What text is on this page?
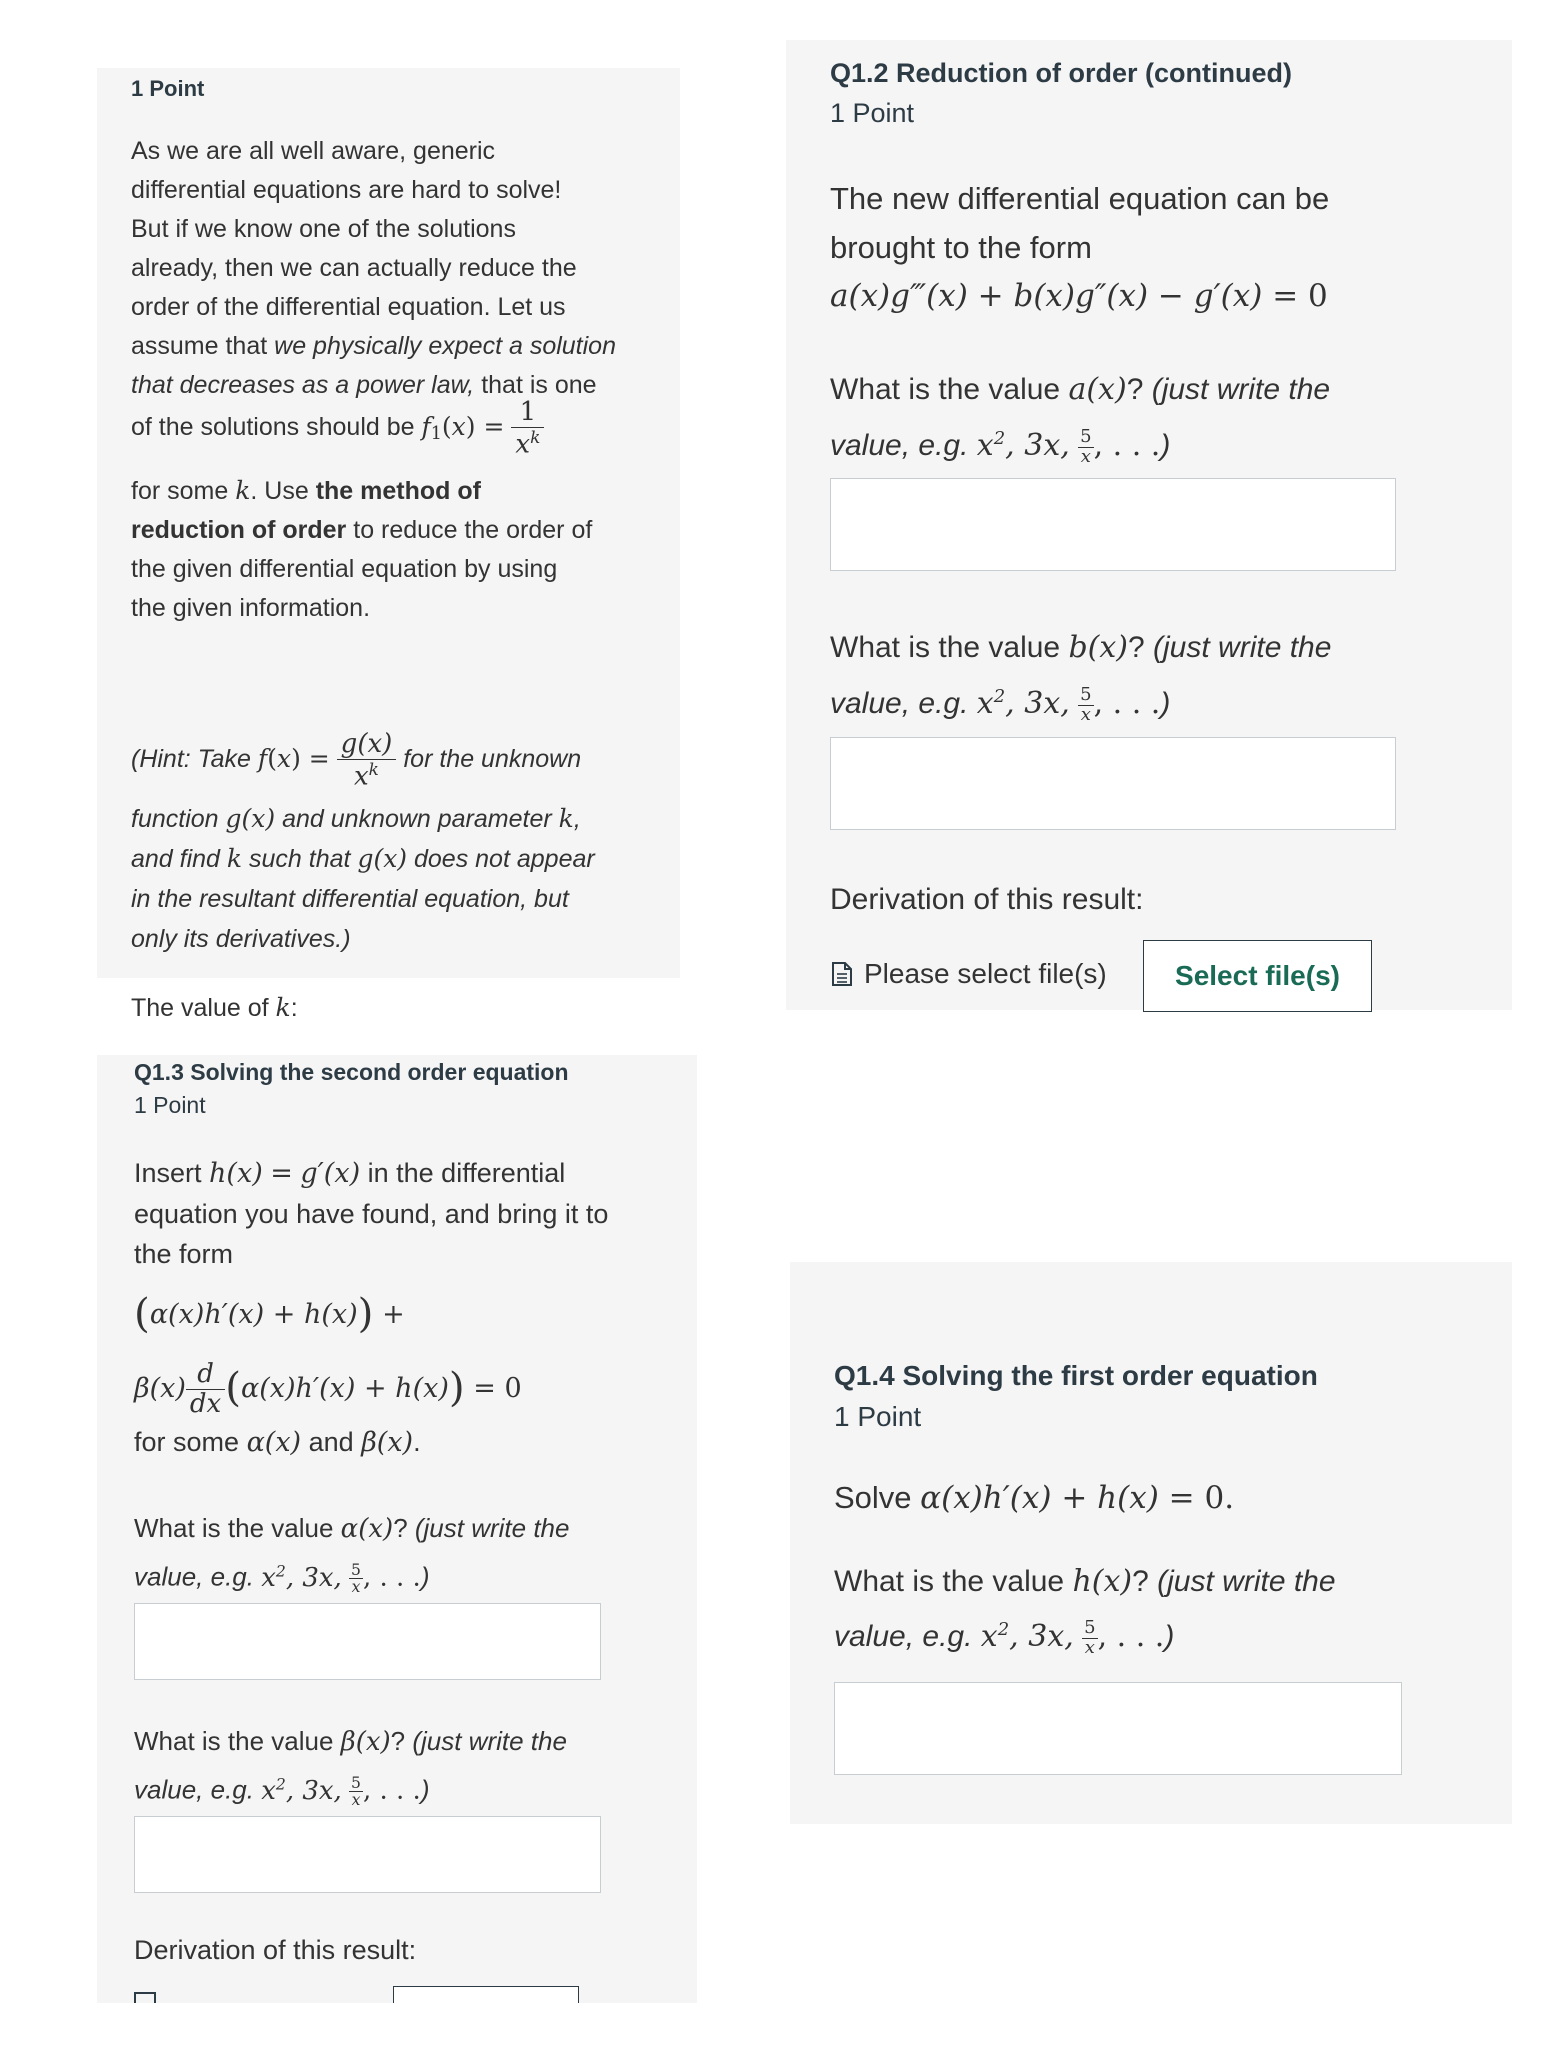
1 Point
As we are all well aware, generic
differential equations are hard to solve!
But if we know one of the solutions
already, then we can actually reduce the
order of the differential equation. Let us
assume that we physically expect a solution
that decreases as a power law, that is one
of the solutions should be $f1(x) = \frac{1}{x^k}$
for some k. Use the method of
reduction of order to reduce the order of
the given differential equation by using
the given information.
(Hint: Take $f(x) = \frac{g(x)}{x^k}$ for the unknown
function g(x) and unknown parameter k,
and find k such that g(x) does not appear
in the resultant differential equation, but
only its derivatives.)
The value of k:
Q1.2 Reduction of order (continued)
1 Point
The new differential equation can be
brought to the form
a(x)g‴(x) + b(x)g″(x) − g′(x) = 0
What is the value a(x)? (just write the
value, e.g. $x^2$, 3x, $\frac{5}{x}$ , . . .)
What is the value b(x)? (just write the
value, e.g. $x^2$, 3x, $\frac{5}{x}$ , . . .)
Derivation of this result:
Please select file(s)	Select file(s)
Q1.3 Solving the second order equation
1 Point
Insert h(x) = g′(x) in the differential
equation you have found, and bring it to
the form
(α(x)h′(x) + h(x)) +
$\beta(x) \frac{d}{dx} (\alpha(x)h'(x) + h(x)) = 0$
for some α(x) and β(x).
What is the value α(x)? (just write the
value, e.g. $x^2$, 3x, $\frac{5}{x}$ , . . .)
What is the value β(x)? (just write the
value, e.g. $x^2$, 3x, $\frac{5}{x}$ , . . .)
Derivation of this result:
Q1.4 Solving the first order equation
1 Point
Solve α(x)h′(x) + h(x) = 0.
What is the value h(x)? (just write the
value, e.g. $x^2$, 3x, $\frac{5}{x}$ , . . .)
